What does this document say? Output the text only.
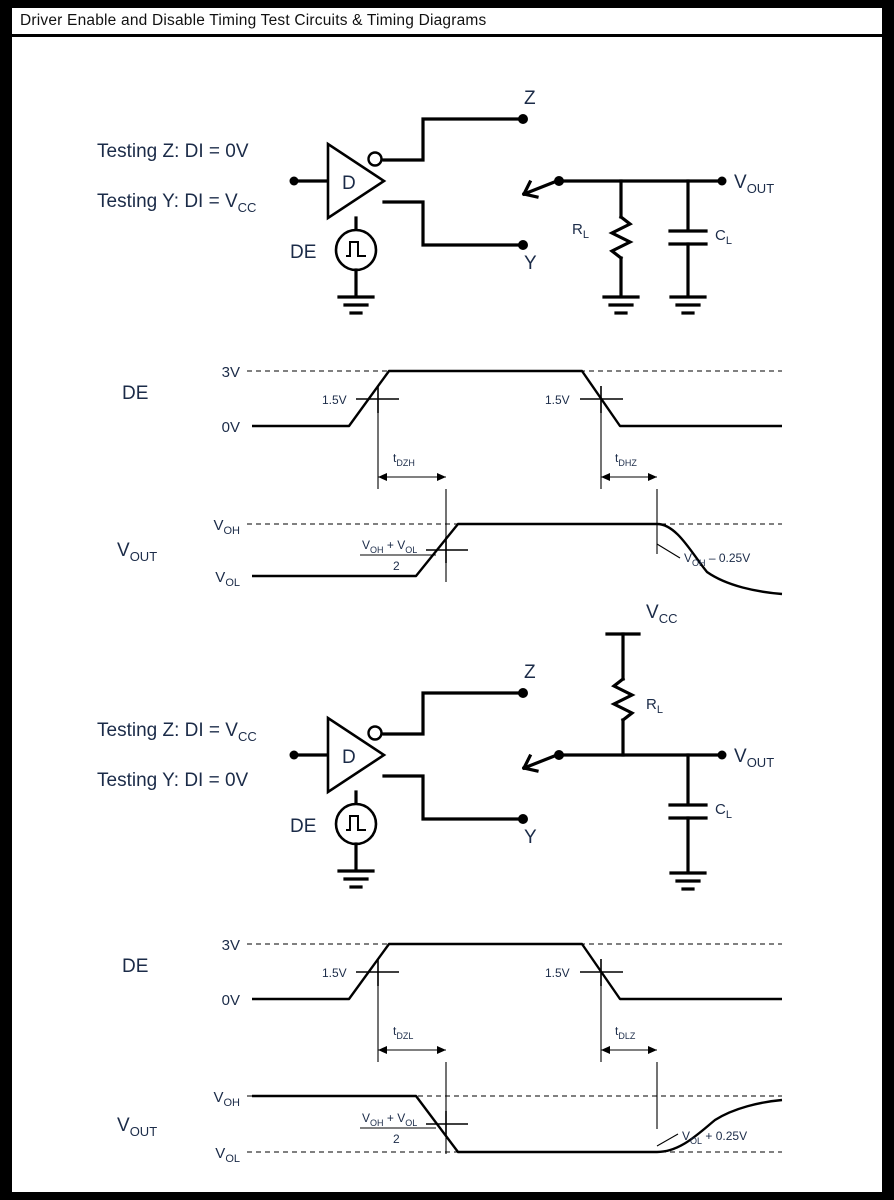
Driver Enable and Disable Timing Test Circuits & Timing Diagrams
Testing Z: DI = 0V
Testing Y: DI = $V_{CC}$
D
Z
Y
$V_{OUT}$
$R_L$	$C_L$
DE
DE
3V
0V
1.5V	1.5V
$t_{DZH}$	$t_{DHZ}$
$V_{OUT}$
$V_{OH}$
$V_{OL}$
$V_{OH} + V_{OL}$
2
$V_{OH} - 0.25V$
Testing Z: DI = $V_{CC}$
Testing Y: DI = 0V
D
Z
Y
$V_{OUT}$
$V_{CC}$
$R_L$
$C_L$
DE
DE
3V
0V
1.5V	1.5V
$t_{DZL}$	$t_{DLZ}$
$V_{OUT}$
$V_{OH}$
$V_{OL}$
$V_{OH} + V_{OL}$
2	$V_{OL} + 0.25V$
